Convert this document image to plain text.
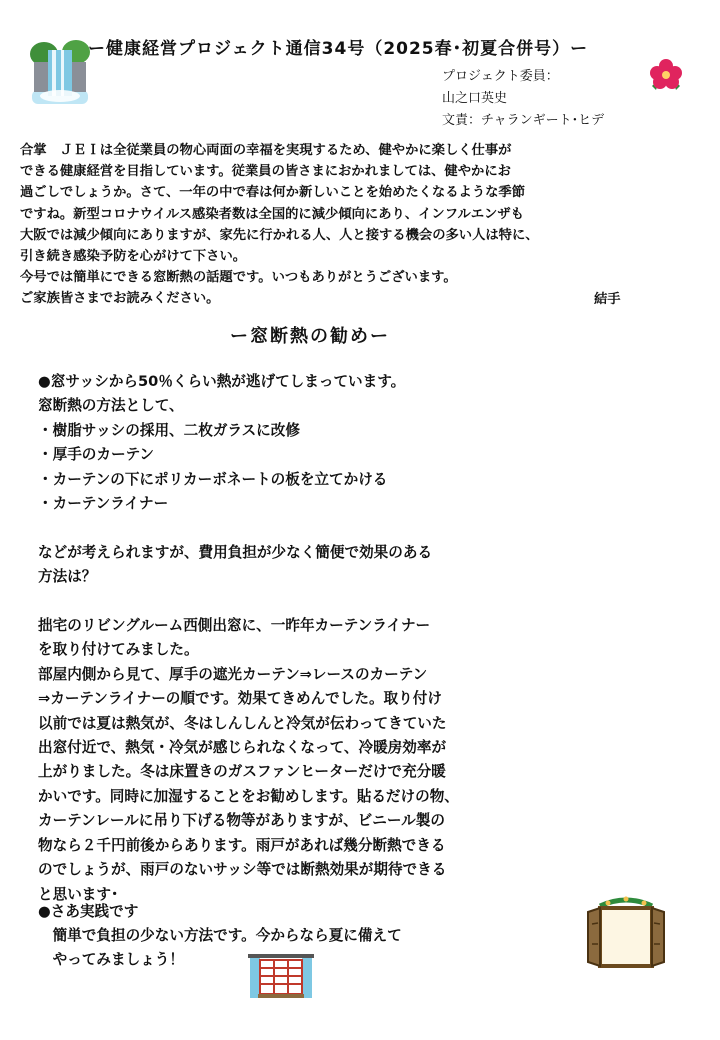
ー健康経営プロジェクト通信34号（2025春･初夏合併号）ー
プロジェクト委員：
山之口英史
文責：チャランギート･ヒデ
合掌　ＪＥＩは全従業員の物心両面の幸福を実現するため、健やかに楽しく仕事が
できる健康経営を目指しています。従業員の皆さまにおかれましては、健やかにお
過ごしでしょうか。さて、一年の中で春は何か新しいことを始めたくなるような季節
ですね。新型コロナウイルス感染者数は全国的に減少傾向にあり、インフルエンザも
大阪では減少傾向にありますが、家先に行かれる人、人と接する機会の多い人は特に、
引き続き感染予防を心がけて下さい。
今号では簡単にできる窓断熱の話題です。いつもありがとうございます。
ご家族皆さまでお読みください。	結手
ー窓断熱の勧めー
●窓サッシから50％くらい熱が逃げてしまっています。
窓断熱の方法として、
・樹脂サッシの採用、二枚ガラスに改修
・厚手のカーテン
・カーテンの下にポリカーボネートの板を立てかける
・カーテンライナー
などが考えられますが、費用負担が少なく簡便で効果のある
方法は？
拙宅のリビングルーム西側出窓に、一昨年カーテンライナー
を取り付けてみました。
部屋内側から見て、厚手の遮光カーテン⇒レースのカーテン
⇒カーテンライナーの順です。効果てきめんでした。取り付け
以前では夏は熱気が、冬はしんしんと冷気が伝わってきていた
出窓付近で、熱気・冷気が感じられなくなって、冷暖房効率が
上がりました。冬は床置きのガスファンヒーターだけで充分暖
かいです。同時に加湿することをお勧めします。貼るだけの物、
カーテンレールに吊り下げる物等がありますが、ビニール製の
物なら２千円前後からあります。雨戸があれば幾分断熱できる
のでしょうが、雨戸のないサッシ等では断熱効果が期待できる
と思います･
●さあ実践です
　簡単で負担の少ない方法です。今からなら夏に備えて
　やってみましょう！
